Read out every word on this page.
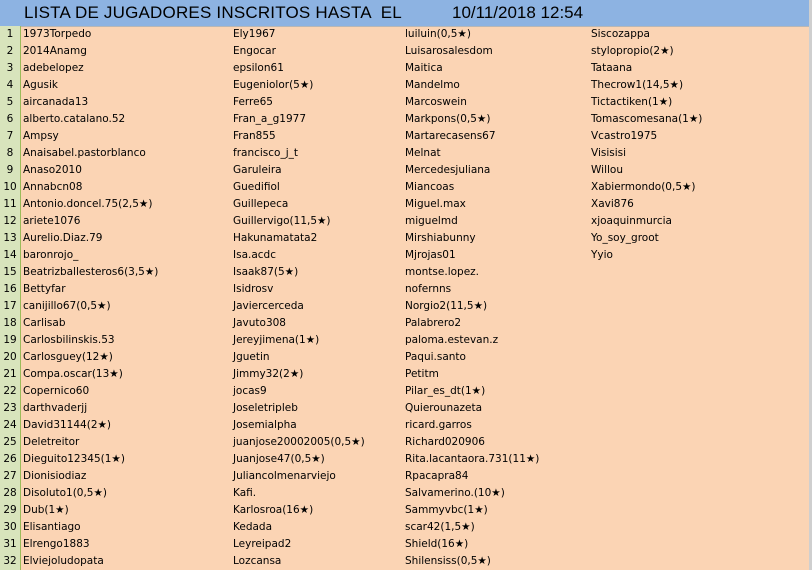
LISTA DE JUGADORES INSCRITOS HASTA  EL	10/11/2018 12:54
1
2
3
4
5
6
7
8
9
10
11
12
13
14
15
16
17
18
19
20
21
22
23
24
25
26
27
28
29
30
31
32
1973Torpedo
2014Anamg
adebelopez
Agusik
aircanada13
alberto.catalano.52
Ampsy
Anaisabel.pastorblanco
Anaso2010
Annabcn08
Antonio.doncel.75(2,5★)
ariete1076
Aurelio.Diaz.79
baronrojo_
Beatrizballesteros6(3,5★)
Bettyfar
canijillo67(0,5★)
Carlisab
Carlosbilinskis.53
Carlosguey(12★)
Compa.oscar(13★)
Copernico60
darthvaderjj
David31144(2★)
Deletreitor
Dieguito12345(1★)
Dionisiodiaz
Disoluto1(0,5★)
Dub(1★)
Elisantiago
Elrengo1883
Elviejoludopata
Ely1967
Engocar
epsilon61
Eugeniolor(5★)
Ferre65
Fran_a_g1977
Fran855
francisco_j_t
Garuleira
Guedifiol
Guillepeca
Guillervigo(11,5★)
Hakunamatata2
Isa.acdc
Isaak87(5★)
Isidrosv
Javiercerceda
Javuto308
Jereyjimena(1★)
Jguetin
Jimmy32(2★)
jocas9
Joseletripleb
Josemialpha
juanjose20002005(0,5★)
Juanjose47(0,5★)
Juliancolmenarviejo
Kafi.
Karlosroa(16★)
Kedada
Leyreipad2
Lozcansa
luiluin(0,5★)
Luisarosalesdom
Maitica
Mandelmo
Marcoswein
Markpons(0,5★)
Martarecasens67
Melnat
Mercedesjuliana
Miancoas
Miguel.max
miguelmd
Mirshiabunny
Mjrojas01
montse.lopez.
nofernns
Norgio2(11,5★)
Palabrero2
paloma.estevan.z
Paqui.santo
Petitm
Pilar_es_dt(1★)
Quierounazeta
ricard.garros
Richard020906
Rita.lacantaora.731(11★)
Rpacapra84
Salvamerino.(10★)
Sammyvbc(1★)
scar42(1,5★)
Shield(16★)
Shilensiss(0,5★)
Siscozappa
stylopropio(2★)
Tataana
Thecrow1(14,5★)
Tictactiken(1★)
Tomascomesana(1★)
Vcastro1975
Visisisi
Willou
Xabiermondo(0,5★)
Xavi876
xjoaquinmurcia
Yo_soy_groot
Yyio
